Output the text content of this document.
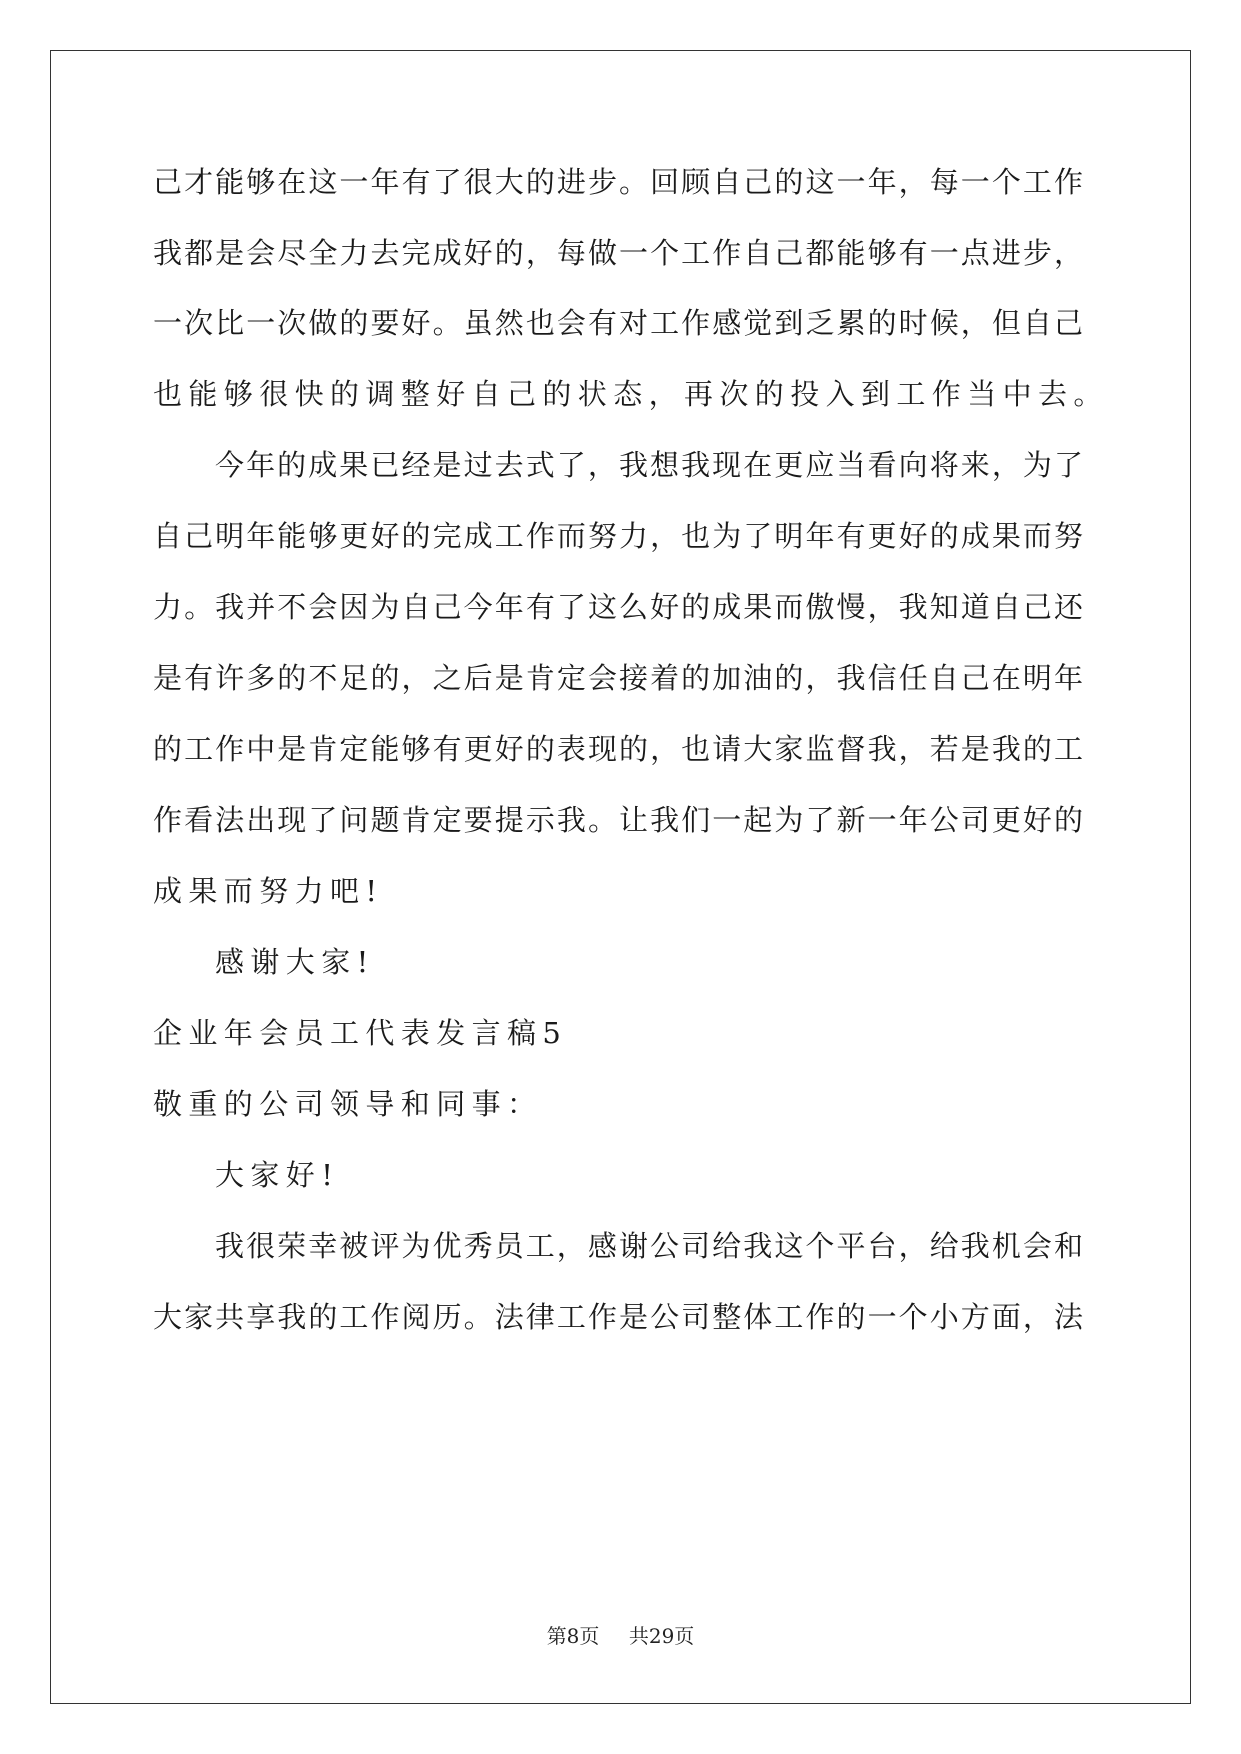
己才能够在这一年有了很大的进步。回顾自己的这一年，每一个工作
我都是会尽全力去完成好的，每做一个工作自己都能够有一点进步，
一次比一次做的要好。虽然也会有对工作感觉到乏累的时候，但自己
也能够很快的调整好自己的状态，再次的投入到工作当中去。
今年的成果已经是过去式了，我想我现在更应当看向将来，为了
自己明年能够更好的完成工作而努力，也为了明年有更好的成果而努
力。我并不会因为自己今年有了这么好的成果而傲慢，我知道自己还
是有许多的不足的，之后是肯定会接着的加油的，我信任自己在明年
的工作中是肯定能够有更好的表现的，也请大家监督我，若是我的工
作看法出现了问题肯定要提示我。让我们一起为了新一年公司更好的
成果而努力吧!
感谢大家!
企业年会员工代表发言稿5
敬重的公司领导和同事：
大家好!
我很荣幸被评为优秀员工，感谢公司给我这个平台，给我机会和
大家共享我的工作阅历。法律工作是公司整体工作的一个小方面，法
第8页 共29页
